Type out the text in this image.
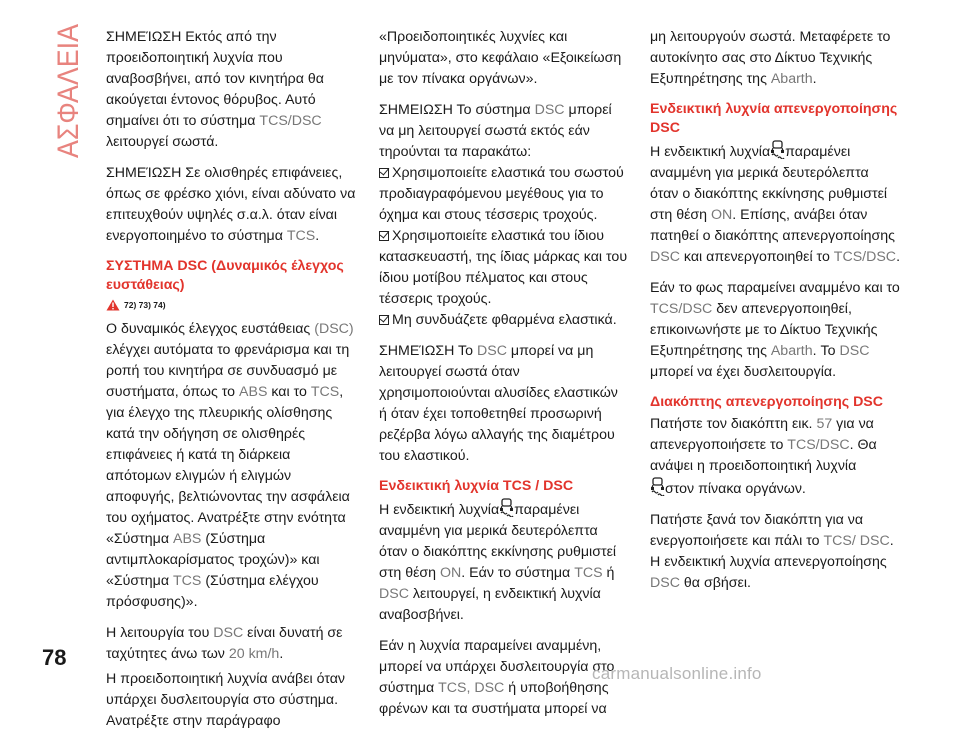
ΑΣΦΑΛΕΙΑ ΣΗΜΕΊΩΣΗ Εκτός από την προειδοποιητική λυχνία που αναβοσβήνει, από τον κινητήρα θα ακούγεται έντονος θόρυβος. Αυτό σημαίνει ότι το σύστημα TCS/DSC λειτουργεί σωστά.

ΣΗΜΕΊΩΣΗ Σε ολισθηρές επιφάνειες, όπως σε φρέσκο χιόνι, είναι αδύνατο να επιτευχθούν υψηλές σ.α.λ. όταν είναι ενεργοποιημένο το σύστημα TCS.

ΣΥΣΤΗΜΑ DSC (Δυναμικός έλεγχος ευστάθειας)
72) 73) 74)

Ο δυναμικός έλεγχος ευστάθειας (DSC) ελέγχει αυτόματα το φρενάρισμα και τη ροπή του κινητήρα σε συνδυασμό με συστήματα, όπως το ABS και το TCS, για έλεγχο της πλευρικής ολίσθησης κατά την οδήγηση σε ολισθηρές επιφάνειες ή κατά τη διάρκεια απότομων ελιγμών ή ελιγμών αποφυγής, βελτιώνοντας την ασφάλεια του οχήματος. Ανατρέξτε στην ενότητα «Σύστημα ABS (Σύστημα αντιμπλοκαρίσματος τροχών)» και «Σύστημα TCS (Σύστημα ελέγχου πρόσφυσης)».

Η λειτουργία του DSC είναι δυνατή σε ταχύτητες άνω των 20 km/h.

Η προειδοποιητική λυχνία ανάβει όταν υπάρχει δυσλειτουργία στο σύστημα. Ανατρέξτε στην παράγραφο

«Προειδοποιητικές λυχνίες και μηνύματα», στο κεφάλαιο «Εξοικείωση με τον πίνακα οργάνων».

ΣΗΜΕΙΩΣΗ Το σύστημα DSC μπορεί να μη λειτουργεί σωστά εκτός εάν τηρούνται τα παρακάτω:

Χρησιμοποιείτε ελαστικά του σωστού προδιαγραφόμενου μεγέθους για το όχημα και στους τέσσερις τροχούς.
Χρησιμοποιείτε ελαστικά του ίδιου κατασκευαστή, της ίδιας μάρκας και του ίδιου μοτίβου πέλματος και στους τέσσερις τροχούς.
Μη συνδυάζετε φθαρμένα ελαστικά.

ΣΗΜΕΊΩΣΗ Το DSC μπορεί να μη λειτουργεί σωστά όταν χρησιμοποιούνται αλυσίδες ελαστικών ή όταν έχει τοποθετηθεί προσωρινή ρεζέρβα λόγω αλλαγής της διαμέτρου του ελαστικού.

Ενδεικτική λυχνία TCS / DSC

Η ενδεικτική λυχνία παραμένει αναμμένη για μερικά δευτερόλεπτα όταν ο διακόπτης εκκίνησης ρυθμιστεί στη θέση ON. Εάν το σύστημα TCS ή DSC λειτουργεί, η ενδεικτική λυχνία αναβοσβήνει.

Εάν η λυχνία παραμείνει αναμμένη, μπορεί να υπάρχει δυσλειτουργία στο σύστημα TCS, DSC ή υποβοήθησης φρένων και τα συστήματα μπορεί να

μη λειτουργούν σωστά. Μεταφέρετε το αυτοκίνητο σας στο Δίκτυο Τεχνικής Εξυπηρέτησης της Abarth.

Ενδεικτική λυχνία απενεργοποίησης DSC

Η ενδεικτική λυχνία παραμένει αναμμένη για μερικά δευτερόλεπτα όταν ο διακόπτης εκκίνησης ρυθμιστεί στη θέση ON. Επίσης, ανάβει όταν πατηθεί ο διακόπτης απενεργοποίησης DSC και απενεργοποιηθεί το TCS/DSC.

Εάν το φως παραμείνει αναμμένο και το TCS/DSC δεν απενεργοποιηθεί, επικοινωνήστε με το Δίκτυο Τεχνικής Εξυπηρέτησης της Abarth. Το DSC μπορεί να έχει δυσλειτουργία.

Διακόπτης απενεργοποίησης DSC

Πατήστε τον διακόπτη εικ. 57 για να απενεργοποιήσετε το TCS/DSC. Θα ανάψει η προειδοποιητική λυχνία
στον πίνακα οργάνων.

Πατήστε ξανά τον διακόπτη για να ενεργοποιήσετε και πάλι το TCS/ DSC. Η ενδεικτική λυχνία απενεργοποίησης DSC θα σβήσει.

78
carmanualsonline.info
